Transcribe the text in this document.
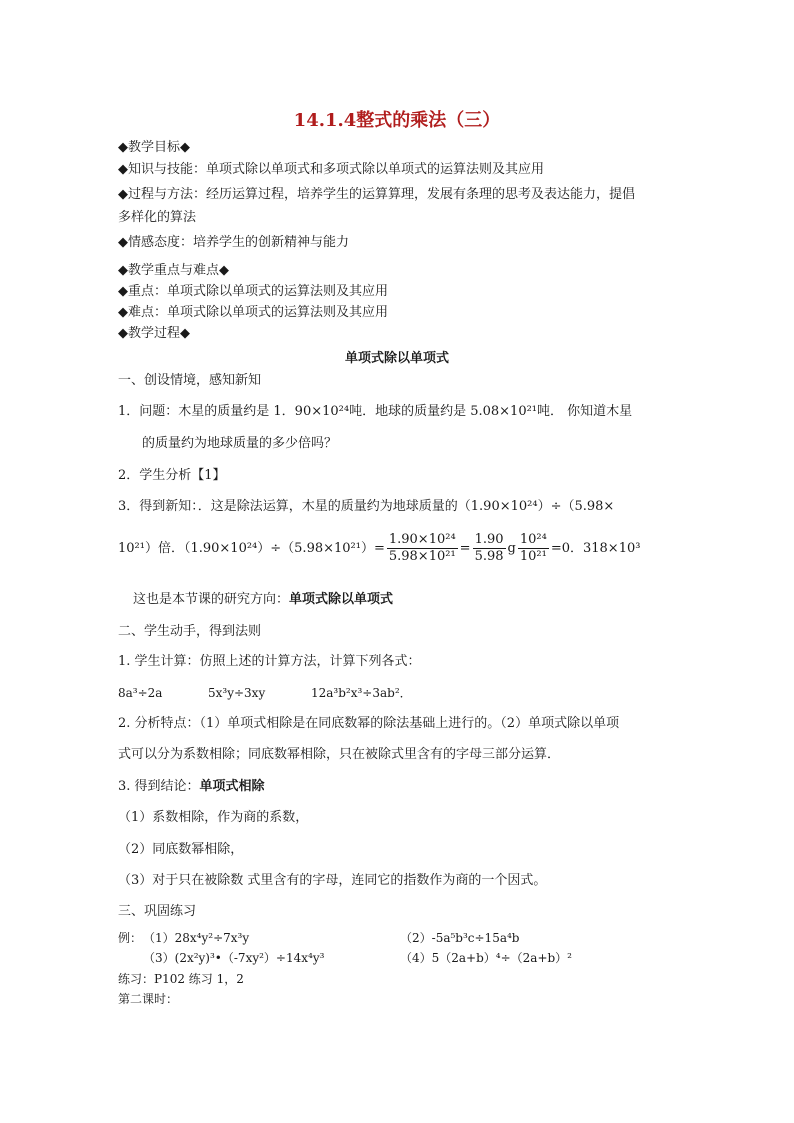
14.1.4整式的乘法（三）
◆教学目标◆
◆知识与技能：单项式除以单项式和多项式除以单项式的运算法则及其应用
◆过程与方法：经历运算过程，培养学生的运算算理，发展有条理的思考及表达能力，提倡
多样化的算法
◆情感态度：培养学生的创新精神与能力
◆教学重点与难点◆
◆重点：单项式除以单项式的运算法则及其应用
◆难点：单项式除以单项式的运算法则及其应用
◆教学过程◆
单项式除以单项式
一、创设情境，感知新知
1．问题：木星的质量约是 1．90×10²⁴吨．地球的质量约是 5.08×10²¹吨． 你知道木星
的质量约为地球质量的多少倍吗？
2．学生分析【1】
3．得到新知：．这是除法运算，木星的质量约为地球质量的（1.90×10²⁴）÷（5.98×
10²¹）倍．$(1.90\times 10^{24})\div(5.98\times 10^{21})= \frac{\text{1.90×10²⁴}}{\text{5.98×10²¹}} = \frac{1.90}{5.98}$ g $\frac{\text{10²⁴}}{\text{10²¹}} =0$．318×10³
这也是本节课的研究方向：单项式除以单项式
二、学生动手，得到法则
1. 学生计算：仿照上述的计算方法，计算下列各式：
8a³÷2a	5x³y÷3xy	12a³b²x³÷3ab²．
2. 分析特点：（1）单项式相除是在同底数幂的除法基础上进行的。（2）单项式除以单项
式可以分为系数相除；同底数幂相除，只在被除式里含有的字母三部分运算．
3. 得到结论：单项式相除
（1）系数相除，作为商的系数，
（2）同底数幂相除，
（3）对于只在被除数 式里含有的字母，连同它的指数作为商的一个因式。
三、巩固练习
例： （1）28x⁴y²÷7x³y	（2）-5a⁵b³c÷15a⁴b
（3）(2x²y)³•（-7xy²）÷14x⁴y³	（4）5（2a+b）⁴÷（2a+b）²
练习：P102 练习 1，2
第二课时：
